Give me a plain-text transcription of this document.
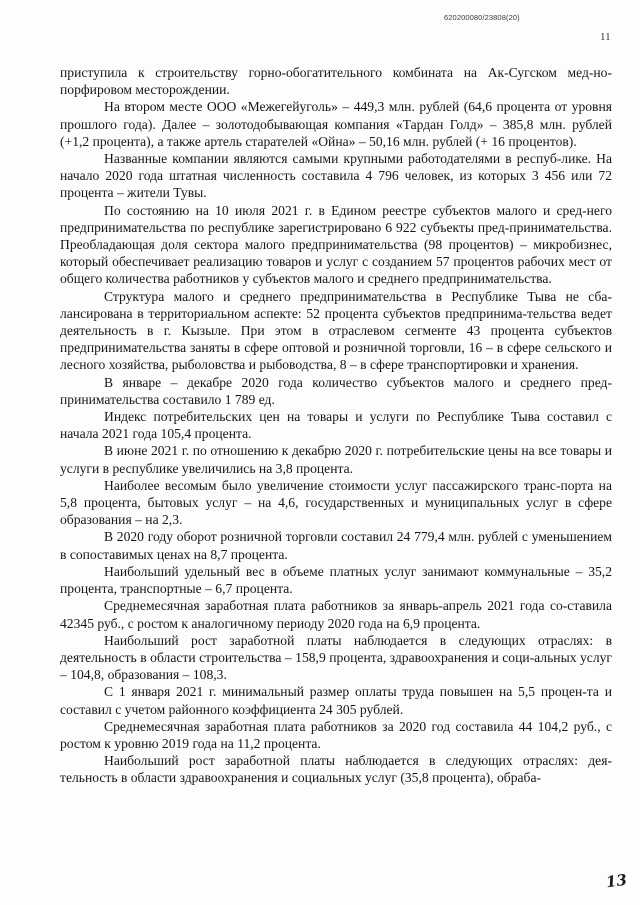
620200080/23808(20)
11

приступила к строительству горно-обогатительного комбината на Ак-Сугском мед-но-порфировом месторождении.

На втором месте ООО «Межегейуголь» – 449,3 млн. рублей (64,6 процента от уровня прошлого года). Далее – золотодобывающая компания «Тардан Голд» – 385,8 млн. рублей (+1,2 процента), а также артель старателей «Ойна» – 50,16 млн. рублей (+ 16 процентов).

Названные компании являются самыми крупными работодателями в респуб-лике. На начало 2020 года штатная численность составила 4 796 человек, из которых 3 456 или 72 процента – жители Тувы.

По состоянию на 10 июля 2021 г. в Едином реестре субъектов малого и сред-него предпринимательства по республике зарегистрировано 6 922 субъекты пред-принимательства. Преобладающая доля сектора малого предпринимательства (98 процентов) – микробизнес, который обеспечивает реализацию товаров и услуг с созданием 57 процентов рабочих мест от общего количества работников у субъектов малого и среднего предпринимательства.

Структура малого и среднего предпринимательства в Республике Тыва не сба-лансирована в территориальном аспекте: 52 процента субъектов предпринима-тельства ведет деятельность в г. Кызыле. При этом в отраслевом сегменте 43 процента субъектов предпринимательства заняты в сфере оптовой и розничной торговли, 16 – в сфере сельского и лесного хозяйства, рыболовства и рыбоводства, 8 – в сфере транспортировки и хранения.

В январе – декабре 2020 года количество субъектов малого и среднего пред-принимательства составило 1 789 ед.

Индекс потребительских цен на товары и услуги по Республике Тыва составил с начала 2021 года 105,4 процента.

В июне 2021 г. по отношению к декабрю 2020 г. потребительские цены на все товары и услуги в республике увеличились на 3,8 процента.

Наиболее весомым было увеличение стоимости услуг пассажирского транс-порта на 5,8 процента, бытовых услуг – на 4,6, государственных и муниципальных услуг в сфере образования – на 2,3.

В 2020 году оборот розничной торговли составил 24 779,4 млн. рублей с уменьшением в сопоставимых ценах на 8,7 процента.

Наибольший удельный вес в объеме платных услуг занимают коммунальные – 35,2 процента, транспортные – 6,7 процента.

Среднемесячная заработная плата работников за январь-апрель 2021 года со-ставила 42345 руб., с ростом к аналогичному периоду 2020 года на 6,9 процента.

Наибольший рост заработной платы наблюдается в следующих отраслях: в деятельность в области строительства – 158,9 процента, здравоохранения и соци-альных услуг – 104,8, образования – 108,3.

С 1 января 2021 г. минимальный размер оплаты труда повышен на 5,5 процен-та и составил с учетом районного коэффициента 24 305 рублей.

Среднемесячная заработная плата работников за 2020 год составила 44 104,2 руб., с ростом к уровню 2019 года на 11,2 процента.

Наибольший рост заработной платы наблюдается в следующих отраслях: дея-тельность в области здравоохранения и социальных услуг (35,8 процента), обраба-

13
